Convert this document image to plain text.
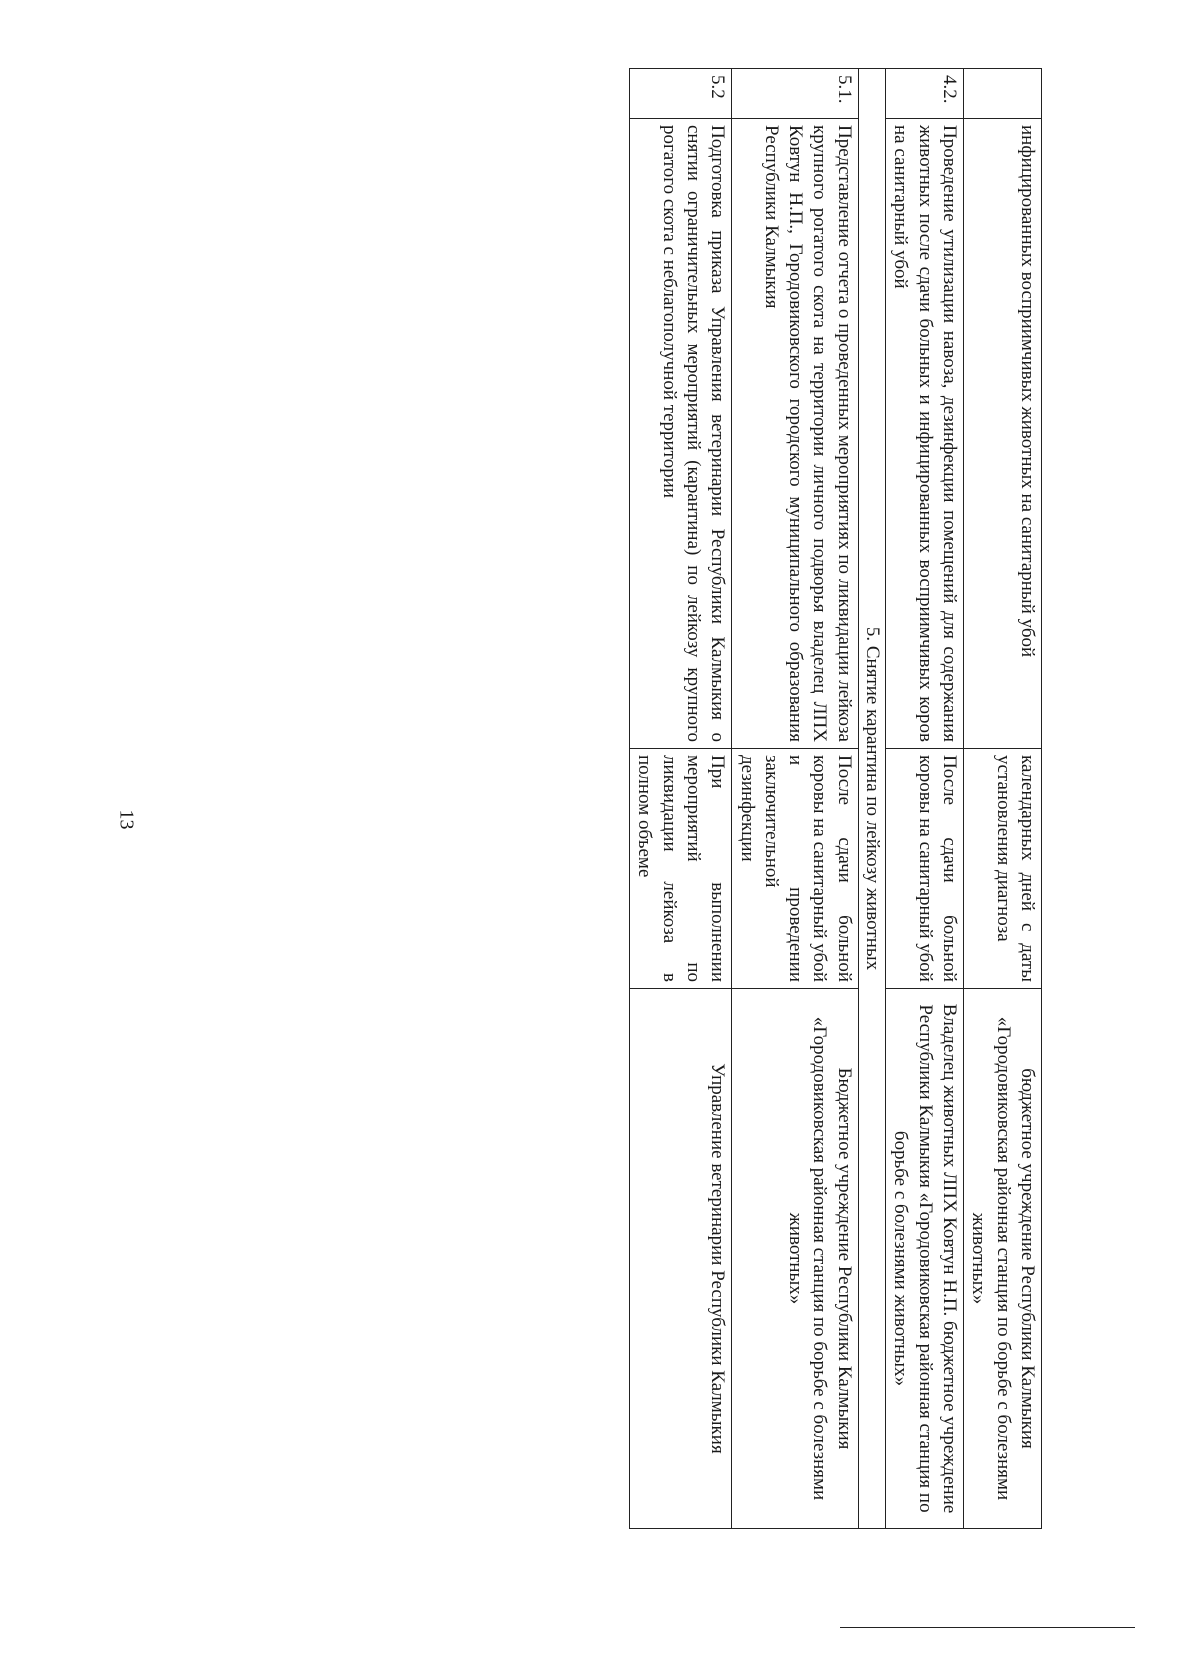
	инфицированных восприимчивых животных на санитарный убой	календарных дней с даты установления диагноза	бюджетное учреждение Республики Калмыкия «Городовиковская районная станция по борьбе с болезнями животных»
4.2.	Проведение утилизации навоза, дезинфекции помещений для содержания животных после сдачи больных и инфицированных восприимчивых коров на санитарный убой	После сдачи больной коровы на санитарный убой	Владелец животных ЛПХ Ковтун Н.П. бюджетное учреждение Республики Калмыкия «Городовиковская районная станция по борьбе с болезнями животных»
5. Снятие карантина по лейкозу животных			
5.1.	Представление отчета о проведенных мероприятиях по ликвидации лейкоза крупного рогатого скота на территории личного подворья владелец ЛПХ Ковтун Н.П., Городовиковского городского муниципального образования Республики Калмыкия	После сдачи больной коровы на санитарный убой и проведении заключительной дезинфекции	Бюджетное учреждение Республики Калмыкия «Городовиковская районная станция по борьбе с болезнями животных»
5.2	Подготовка приказа Управления ветеринарии Республики Калмыкия о снятии ограничительных мероприятий (карантина) по лейкозу крупного рогатого скота с неблагополучной территории	При выполнении мероприятий по ликвидации лейкоза в полном объеме	Управление ветеринарии Республики Калмыкия
13
